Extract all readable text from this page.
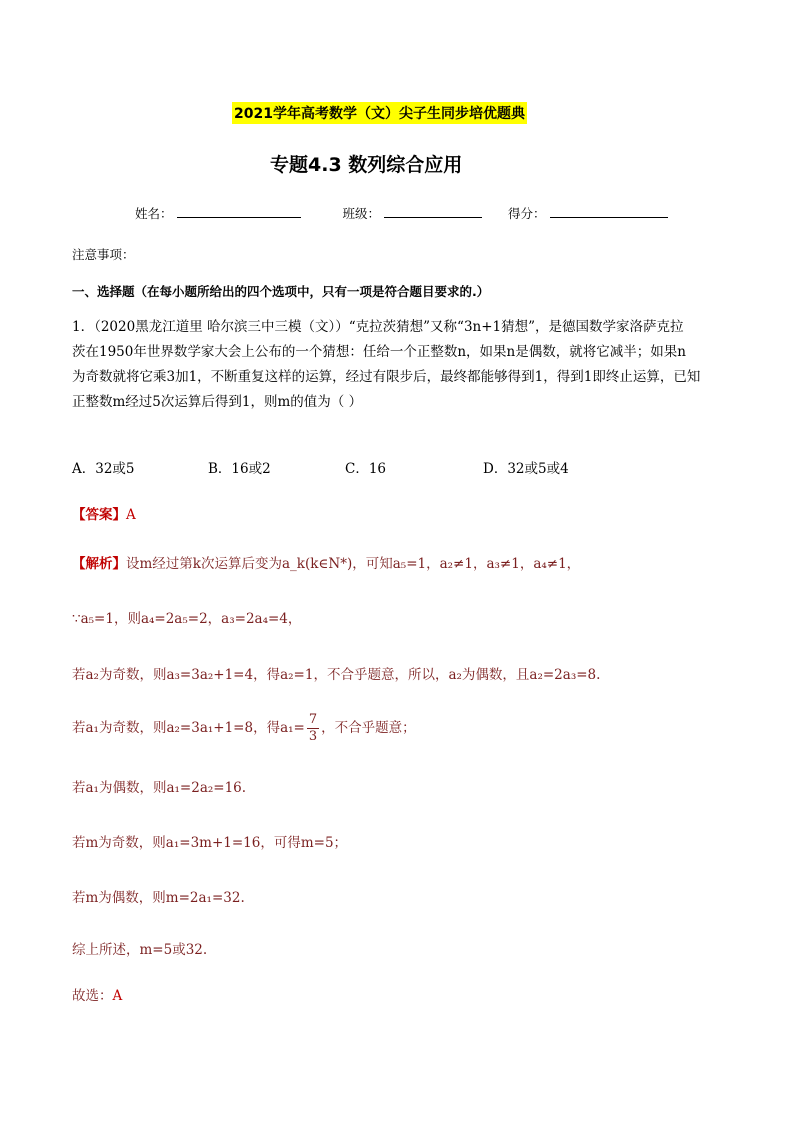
2021学年高考数学（文）尖子生同步培优题典
专题4.3 数列综合应用
姓名：	班级：	得分：
注意事项：
一、选择题（在每小题所给出的四个选项中，只有一项是符合题目要求的.）
1．（2020黑龙江道里 哈尔滨三中三模（文））“克拉茨猜想”又称“3n+1猜想”，是德国数学家洛萨克拉
茨在1950年世界数学家大会上公布的一个猜想：任给一个正整数n，如果n是偶数，就将它减半；如果n
为奇数就将它乘3加1，不断重复这样的运算，经过有限步后，最终都能够得到1，得到1即终止运算，已知
正整数m经过5次运算后得到1，则m的值为（ ）
A．32或5	B．16或2	C．16	D．32或5或4
【答案】A
【解析】设m经过第k次运算后变为a_k(k∈N*)，可知a₅=1，a₂≠1，a₃≠1，a₄≠1，
∵a₅=1，则a₄=2a₅=2，a₃=2a₄=4，
若a₂为奇数，则a₃=3a₂+1=4，得a₂=1，不合乎题意，所以，a₂为偶数，且a₂=2a₃=8.
若a₁为奇数，则a₂=3a₁+1=8，得$a_1= \frac{7}{3}$ ，不合乎题意；
若a₁为偶数，则a₁=2a₂=16.
若m为奇数，则a₁=3m+1=16，可得m=5；
若m为偶数，则m=2a₁=32.
综上所述，m=5或32.
故选：A
